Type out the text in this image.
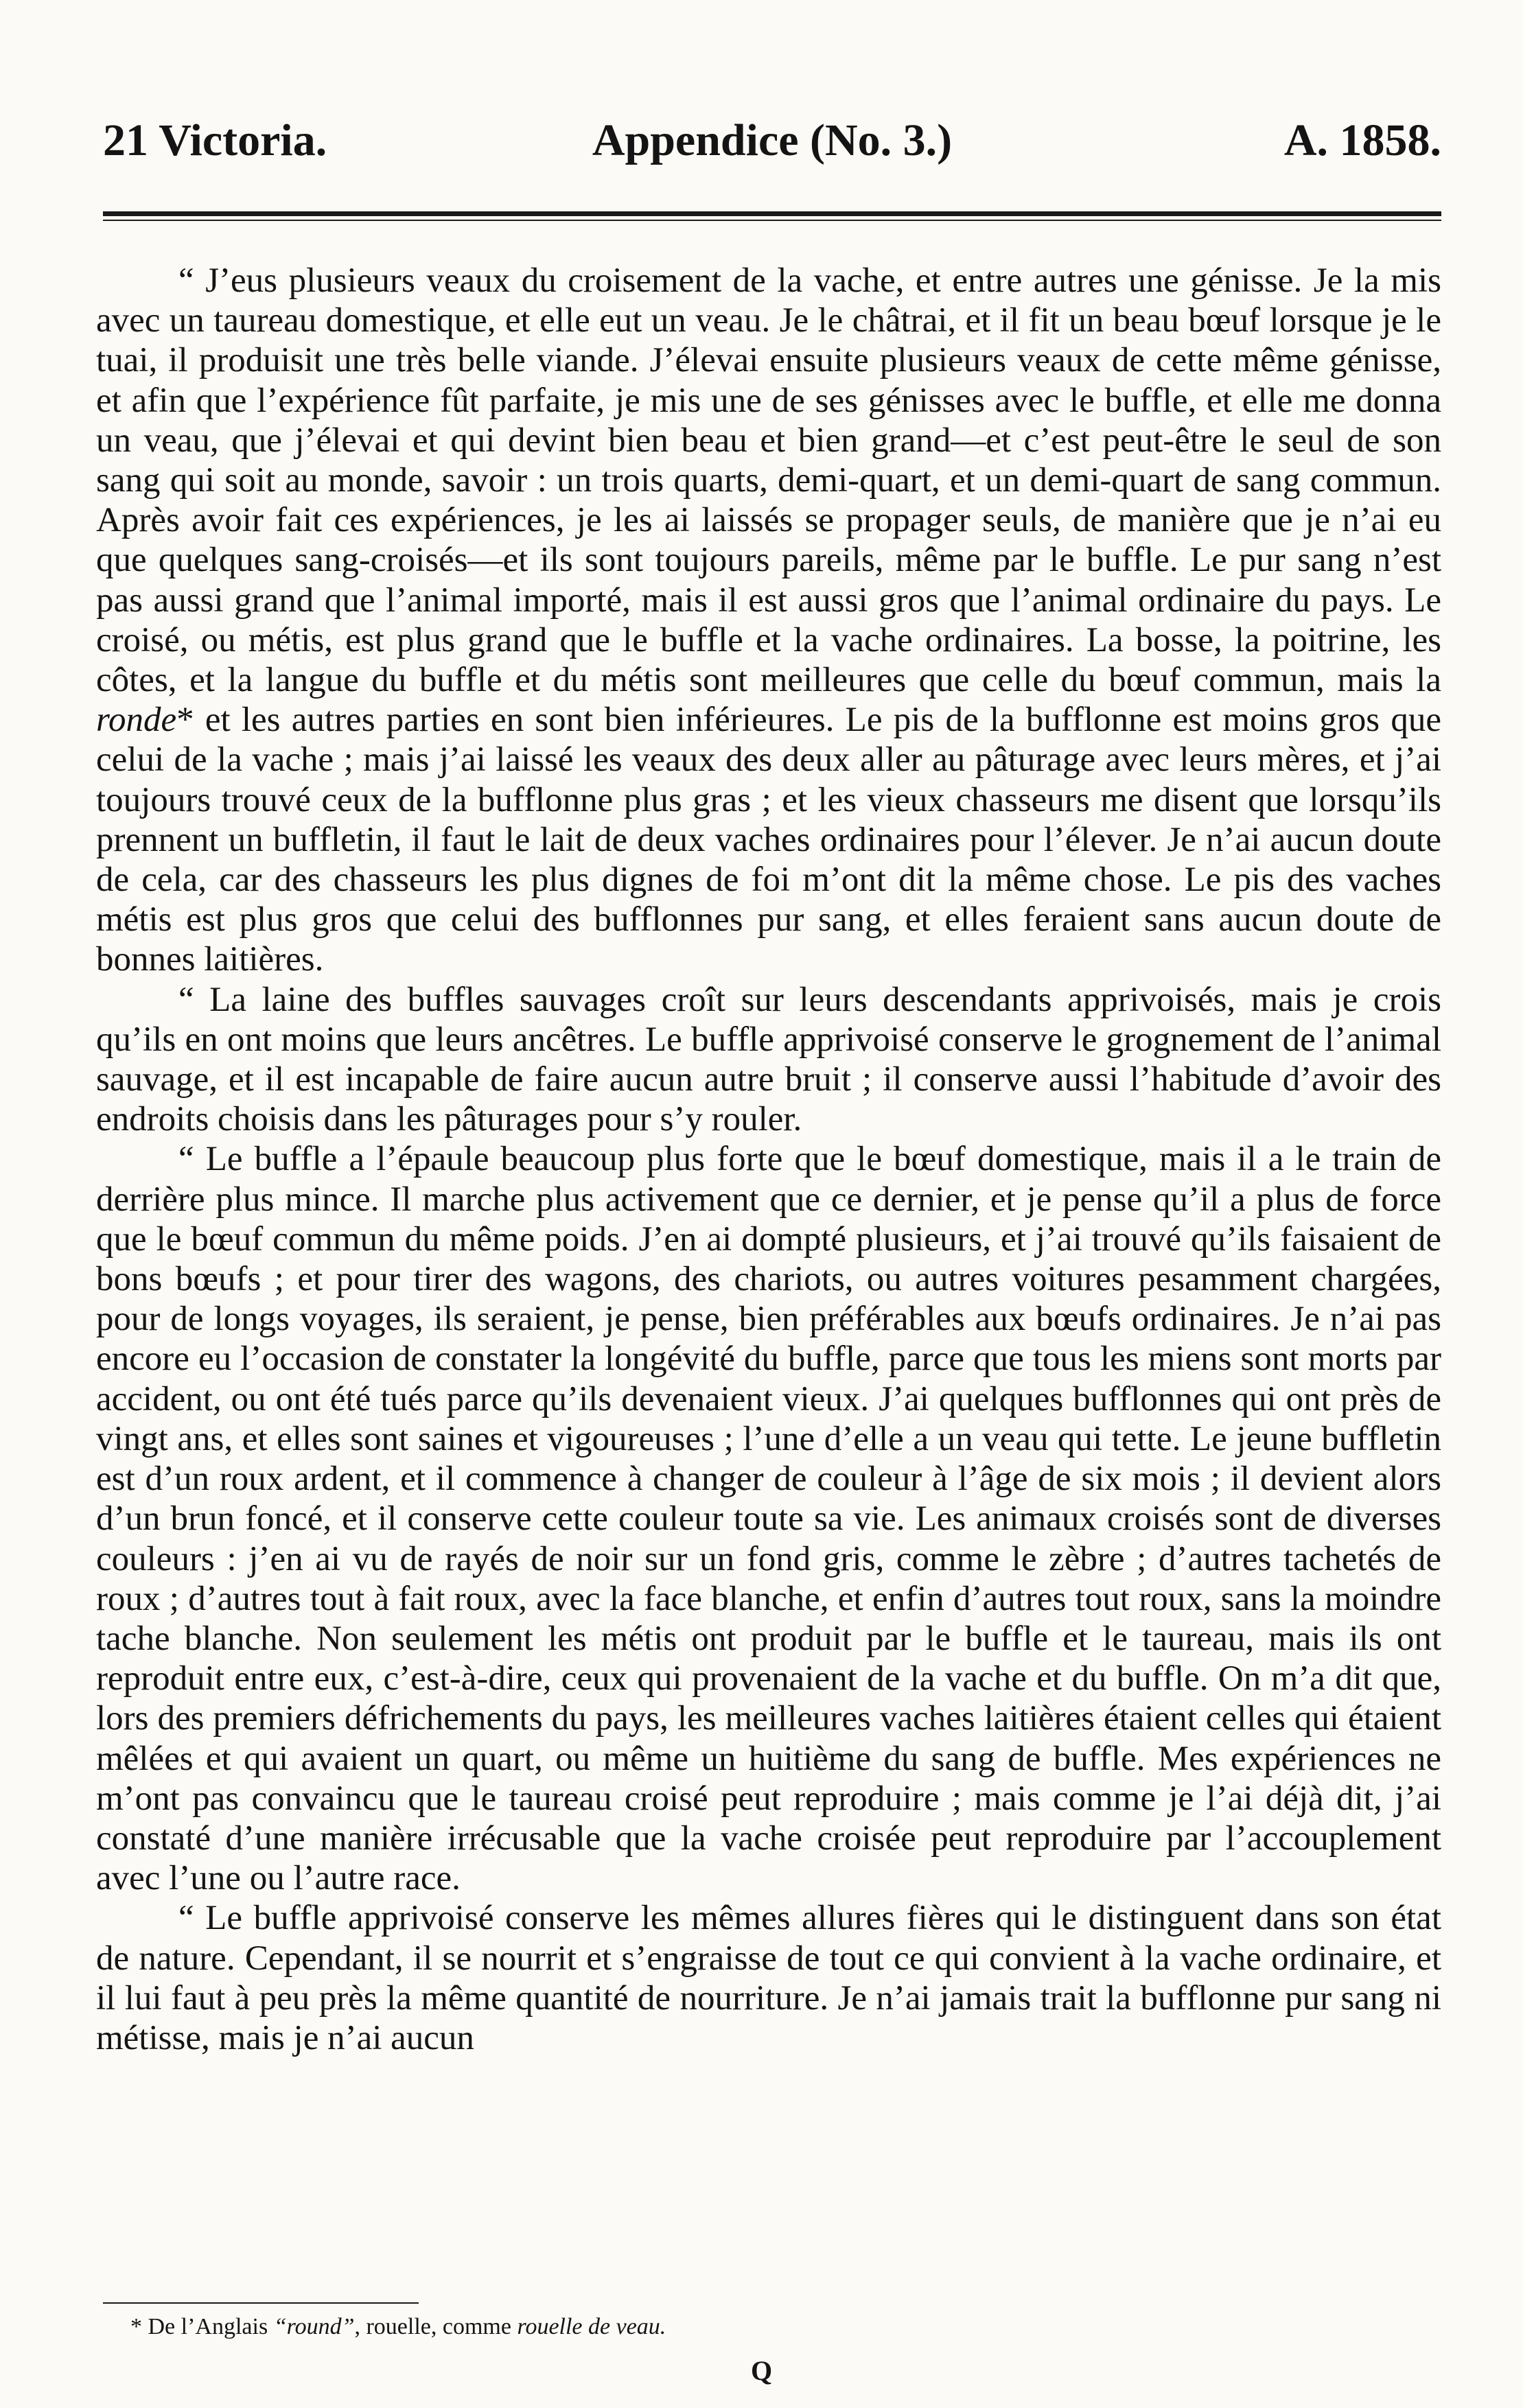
21 Victoria.	Appendice (No. 3.)	A. 1858.

“ J’eus plusieurs veaux du croisement de la vache, et entre autres une génisse. Je la mis avec un taureau domestique, et elle eut un veau. Je le châtrai, et il fit un beau bœuf lorsque je le tuai, il produisit une très belle viande. J’élevai ensuite plusieurs veaux de cette même génisse, et afin que l’expérience fût parfaite, je mis une de ses génisses avec le buffle, et elle me donna un veau, que j’élevai et qui devint bien beau et bien grand—et c’est peut-être le seul de son sang qui soit au monde, savoir : un trois quarts, demi-quart, et un demi-quart de sang commun. Après avoir fait ces expériences, je les ai laissés se propager seuls, de manière que je n’ai eu que quelques sang-croisés—et ils sont toujours pareils, même par le buffle. Le pur sang n’est pas aussi grand que l’animal importé, mais il est aussi gros que l’animal ordinaire du pays. Le croisé, ou métis, est plus grand que le buffle et la vache ordinaires. La bosse, la poitrine, les côtes, et la langue du buffle et du métis sont meilleures que celle du bœuf commun, mais la ronde* et les autres parties en sont bien inférieures. Le pis de la bufflonne est moins gros que celui de la vache ; mais j’ai laissé les veaux des deux aller au pâturage avec leurs mères, et j’ai toujours trouvé ceux de la bufflonne plus gras ; et les vieux chasseurs me disent que lorsqu’ils prennent un buffletin, il faut le lait de deux vaches ordinaires pour l’élever. Je n’ai aucun doute de cela, car des chasseurs les plus dignes de foi m’ont dit la même chose. Le pis des vaches métis est plus gros que celui des bufflonnes pur sang, et elles feraient sans aucun doute de bonnes laitières.

“ La laine des buffles sauvages croît sur leurs descendants apprivoisés, mais je crois qu’ils en ont moins que leurs ancêtres. Le buffle apprivoisé conserve le grognement de l’animal sauvage, et il est incapable de faire aucun autre bruit ; il conserve aussi l’habitude d’avoir des endroits choisis dans les pâturages pour s’y rouler.

“ Le buffle a l’épaule beaucoup plus forte que le bœuf domestique, mais il a le train de derrière plus mince. Il marche plus activement que ce dernier, et je pense qu’il a plus de force que le bœuf commun du même poids. J’en ai dompté plusieurs, et j’ai trouvé qu’ils faisaient de bons bœufs ; et pour tirer des wagons, des chariots, ou autres voitures pesamment chargées, pour de longs voyages, ils seraient, je pense, bien préférables aux bœufs ordinaires. Je n’ai pas encore eu l’occasion de constater la longévité du buffle, parce que tous les miens sont morts par accident, ou ont été tués parce qu’ils devenaient vieux. J’ai quelques bufflonnes qui ont près de vingt ans, et elles sont saines et vigoureuses ; l’une d’elle a un veau qui tette. Le jeune buffletin est d’un roux ardent, et il commence à changer de couleur à l’âge de six mois ; il devient alors d’un brun foncé, et il conserve cette couleur toute sa vie. Les animaux croisés sont de diverses couleurs : j’en ai vu de rayés de noir sur un fond gris, comme le zèbre ; d’autres tachetés de roux ; d’autres tout à fait roux, avec la face blanche, et enfin d’autres tout roux, sans la moindre tache blanche. Non seulement les métis ont produit par le buffle et le taureau, mais ils ont reproduit entre eux, c’est-à-dire, ceux qui provenaient de la vache et du buffle. On m’a dit que, lors des premiers défrichements du pays, les meilleures vaches laitières étaient celles qui étaient mêlées et qui avaient un quart, ou même un huitième du sang de buffle. Mes expériences ne m’ont pas convaincu que le taureau croisé peut reproduire ; mais comme je l’ai déjà dit, j’ai constaté d’une manière irrécusable que la vache croisée peut reproduire par l’accouplement avec l’une ou l’autre race.

“ Le buffle apprivoisé conserve les mêmes allures fières qui le distinguent dans son état de nature. Cependant, il se nourrit et s’engraisse de tout ce qui convient à la vache ordinaire, et il lui faut à peu près la même quantité de nourriture. Je n’ai jamais trait la bufflonne pur sang ni métisse, mais je n’ai aucun

* De l’Anglais “round”, rouelle, comme rouelle de veau.
Q
